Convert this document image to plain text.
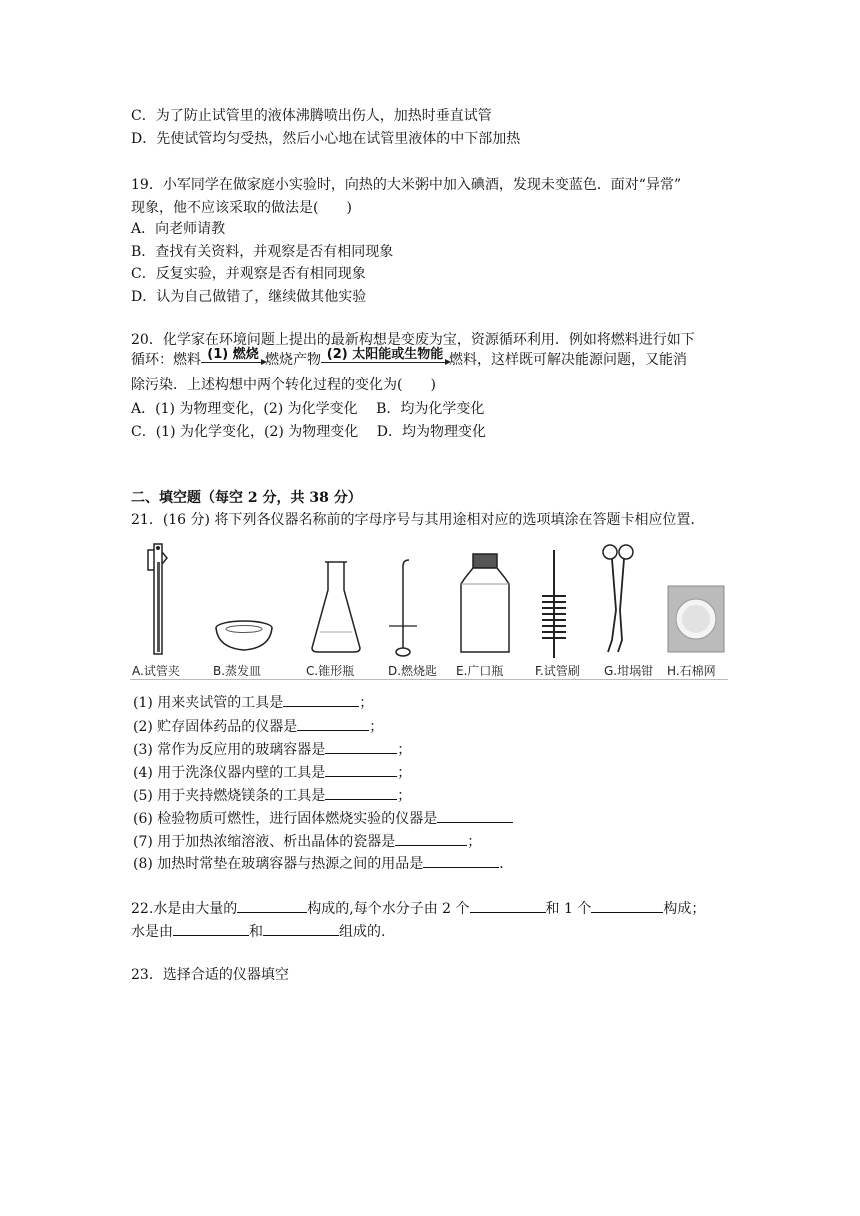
C．为了防止试管里的液体沸腾喷出伤人，加热时垂直试管
D．先使试管均匀受热，然后小心地在试管里液体的中下部加热
19．小军同学在做家庭小实验时，向热的大米粥中加入碘酒，发现未变蓝色．面对“异常”
现象，他不应该采取的做法是(　　)
A．向老师请教
B．查找有关资料，并观察是否有相同现象
C．反复实验，并观察是否有相同现象
D．认为自己做错了，继续做其他实验
20．化学家在环境问题上提出的最新构想是变废为宝，资源循环利用．例如将燃料进行如下
循环：燃料 (1) 燃烧 燃烧产物 (2) 太阳能或生物能 燃料，这样既可解决能源问题，又能消
除污染．上述构想中两个转化过程的变化为(　　)
A．(1) 为物理变化，(2) 为化学变化　 B．均为化学变化
C．(1) 为化学变化，(2) 为物理变化　 D．均为物理变化
二、填空题（每空 2 分，共 38 分）
21．(16 分) 将下列各仪器名称前的字母序号与其用途相对应的选项填涂在答题卡相应位置．
A.试管夹	B.蒸发皿	C.锥形瓶	D.燃烧匙 E.广口瓶	F.试管刷 G.坩埚钳 H.石棉网
(1) 用来夹试管的工具是	；
(2) 贮存固体药品的仪器是	；
(3) 常作为反应用的玻璃容器是	；
(4) 用于洗涤仪器内壁的工具是	；
(5) 用于夹持燃烧镁条的工具是	；
(6) 检验物质可燃性，进行固体燃烧实验的仪器是
(7) 用于加热浓缩溶液、析出晶体的瓷器是	；
(8) 加热时常垫在玻璃容器与热源之间的用品是	．
22.水是由大量的	构成的,每个水分子由 2 个	和 1 个	构成；
水是由	和	组成的.
23．选择合适的仪器填空
